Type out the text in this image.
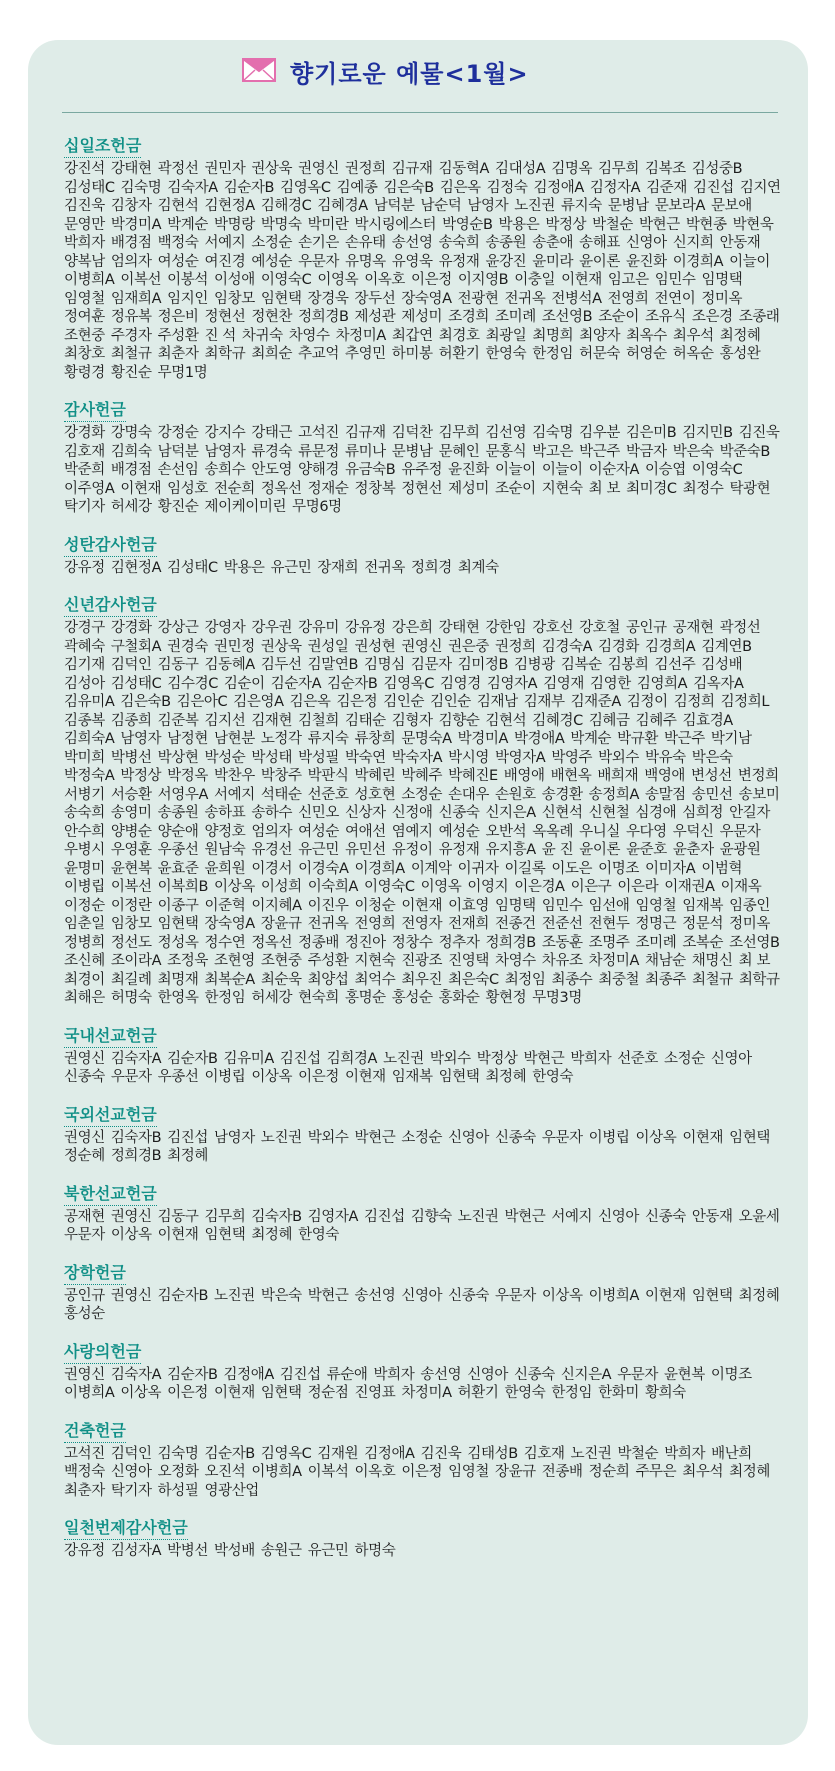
향기로운 예물<1월>
십일조헌금
강진석 강태현 곽정선 권민자 권상욱 권영신 권정희 김규재 김동혁A 김대성A 김명옥 김무희 김복조 김성중B
김성태C 김숙명 김숙자A 김순자B 김영옥C 김예종 김은숙B 김은옥 김정숙 김정애A 김정자A 김준재 김진섭 김지연
김진욱 김창자 김현석 김현정A 김해경C 김혜경A 남덕분 남순덕 남영자 노진권 류지숙 문병남 문보라A 문보애
문영만 박경미A 박계순 박명랑 박명숙 박미란 박시링에스터 박영순B 박용은 박정상 박철순 박현근 박현종 박현욱
박희자 배경점 백정숙 서예지 소정순 손기은 손유태 송선영 송숙희 송종원 송춘애 송해표 신영아 신지희 안동재
양복남 엄의자 여성순 여진경 예성순 우문자 유명옥 유영욱 유정재 윤강진 윤미라 윤이론 윤진화 이경희A 이늘이
이병희A 이복선 이봉석 이성애 이영숙C 이영옥 이옥호 이은정 이지영B 이충일 이현재 임고은 임민수 임명택
임영철 임재희A 임지인 임창모 임현택 장경욱 장두선 장숙영A 전광현 전귀옥 전병석A 전영희 전연이 정미옥
정여훈 정유복 정은비 정현선 정현찬 정희경B 제성관 제성미 조경희 조미례 조선영B 조순이 조유식 조은경 조종래
조현중 주경자 주성환 진 석 차귀숙 차영수 차정미A 최갑연 최경호 최광일 최명희 최양자 최옥수 최우석 최정혜
최창호 최철규 최춘자 최학규 최희순 추교억 추영민 하미봉 허환기 한영숙 한정임 허문숙 허영순 허옥순 홍성완
황령경 황진순 무명1명
감사헌금
강경화 강명숙 강정순 강지수 강태근 고석진 김규재 김덕찬 김무희 김선영 김숙명 김우분 김은미B 김지민B 김진욱
김호재 김희숙 남덕분 남영자 류경숙 류문정 류미나 문병남 문혜인 문홍식 박고은 박근주 박금자 박은숙 박준숙B
박준희 배경점 손선임 송희수 안도영 양해경 유금숙B 유주정 윤진화 이늘이 이늘이 이순자A 이승엽 이영숙C
이주영A 이현재 임성호 전순희 정옥선 정재순 정창복 정현선 제성미 조순이 지현숙 최 보 최미경C 최정수 탁광현
탁기자 허세강 황진순 제이케이미린 무명6명
성탄감사헌금
강유정 김현정A 김성태C 박용은 유근민 장재희 전귀옥 정희경 최계숙
신년감사헌금
강경구 강경화 강상근 강영자 강우권 강유미 강유정 강은희 강태현 강한임 강호선 강호철 공인규 공재현 곽정선
곽혜숙 구철회A 권경숙 권민정 권상욱 권성일 권성현 권영신 권은중 권정희 김경숙A 김경화 김경희A 김계연B
김기재 김덕인 김동구 김동혜A 김두선 김말연B 김명심 김문자 김미정B 김병광 김복순 김봉희 김선주 김성배
김성아 김성태C 김수경C 김순이 김순자A 김순자B 김영옥C 김영경 김영자A 김영재 김영한 김영희A 김옥자A
김유미A 김은숙B 김은아C 김은영A 김은옥 김은정 김인순 김인순 김재남 김재부 김재준A 김정이 김정희 김정희L
김종복 김종희 김준복 김지선 김재현 김철희 김태순 김형자 김향순 김현석 김혜경C 김혜금 김혜주 김효경A
김희숙A 남영자 남정현 남현분 노정각 류지숙 류창희 문명숙A 박경미A 박경애A 박계순 박규환 박근주 박기남
박미희 박병선 박상현 박성순 박성태 박성필 박숙연 박숙자A 박시영 박영자A 박영주 박외수 박유숙 박은숙
박정숙A 박정상 박정옥 박찬우 박창주 박판식 박혜린 박혜주 박혜진E 배영애 배현옥 배희재 백영애 변성선 변정희
서병기 서승환 서영우A 서예지 석태순 선준호 성호현 소정순 손대우 손원호 송경환 송정희A 송말점 송민선 송보미
송숙희 송영미 송종원 송하표 송하수 신민오 신상자 신정애 신종숙 신지은A 신현석 신현철 심경애 심희정 안길자
안수희 양병순 양순애 양정호 엄의자 여성순 여애선 염예지 예성순 오반석 옥옥례 우니실 우다영 우덕신 우문자
우병시 우영훈 우종선 원남숙 유경선 유근민 유민선 유정이 유정재 유지흥A 윤 진 윤이론 윤준호 윤춘자 윤광원
윤명미 윤현복 윤효준 윤희원 이경서 이경숙A 이경희A 이계악 이귀자 이길록 이도은 이명조 이미자A 이범혁
이병립 이복선 이복희B 이상옥 이성희 이숙희A 이영숙C 이영옥 이영지 이은경A 이은구 이은라 이재권A 이재옥
이정순 이정란 이종구 이준혁 이지혜A 이진우 이청순 이현재 이효영 임명택 임민수 임선애 임영철 임재복 임종인
임춘일 임창모 임현택 장숙영A 장윤규 전귀옥 전영희 전영자 전재희 전종건 전준선 전현두 정명근 정문석 정미옥
정병희 정선도 정성옥 정수연 정옥선 정종배 정진아 정창수 정추자 정희경B 조동훈 조명주 조미례 조복순 조선영B
조신혜 조이라A 조정욱 조현영 조현중 주성환 지현숙 진광조 진영택 차영수 차유조 차정미A 채남순 채명신 최 보
최경이 최길례 최명재 최복순A 최순욱 최양섭 최억수 최우진 최은숙C 최정임 최종수 최중철 최종주 최철규 최학규
최해은 허명숙 한영옥 한정임 허세강 현숙희 홍명순 홍성순 홍화순 황현정 무명3명
국내선교헌금
권영신 김숙자A 김순자B 김유미A 김진섭 김희경A 노진권 박외수 박정상 박현근 박희자 선준호 소정순 신영아
신종숙 우문자 우종선 이병립 이상옥 이은정 이현재 임재복 임현택 최정혜 한영숙
국외선교헌금
권영신 김숙자B 김진섭 남영자 노진권 박외수 박현근 소정순 신영아 신종숙 우문자 이병립 이상옥 이현재 임현택
정순혜 정희경B 최정혜
북한선교헌금
공재현 권영신 김동구 김무희 김숙자B 김영자A 김진섭 김향숙 노진권 박현근 서예지 신영아 신종숙 안동재 오윤세
우문자 이상옥 이현재 임현택 최정혜 한영숙
장학헌금
공인규 권영신 김순자B 노진권 박은숙 박현근 송선영 신영아 신종숙 우문자 이상옥 이병희A 이현재 임현택 최정혜
홍성순
사랑의헌금
권영신 김숙자A 김순자B 김정애A 김진섭 류순애 박희자 송선영 신영아 신종숙 신지은A 우문자 윤현복 이명조
이병희A 이상옥 이은정 이현재 임현택 정순점 진영표 차정미A 허환기 한영숙 한정임 한화미 황희숙
건축헌금
고석진 김덕인 김숙명 김순자B 김영옥C 김재원 김정애A 김진욱 김태성B 김호재 노진권 박철순 박희자 배난희
백정숙 신영아 오정화 오진석 이병희A 이복석 이옥호 이은정 임영철 장윤규 전종배 정순희 주무은 최우석 최정혜
최춘자 탁기자 하성필 영광산업
일천번제감사헌금
강유정 김성자A 박병선 박성배 송원근 유근민 하명숙
